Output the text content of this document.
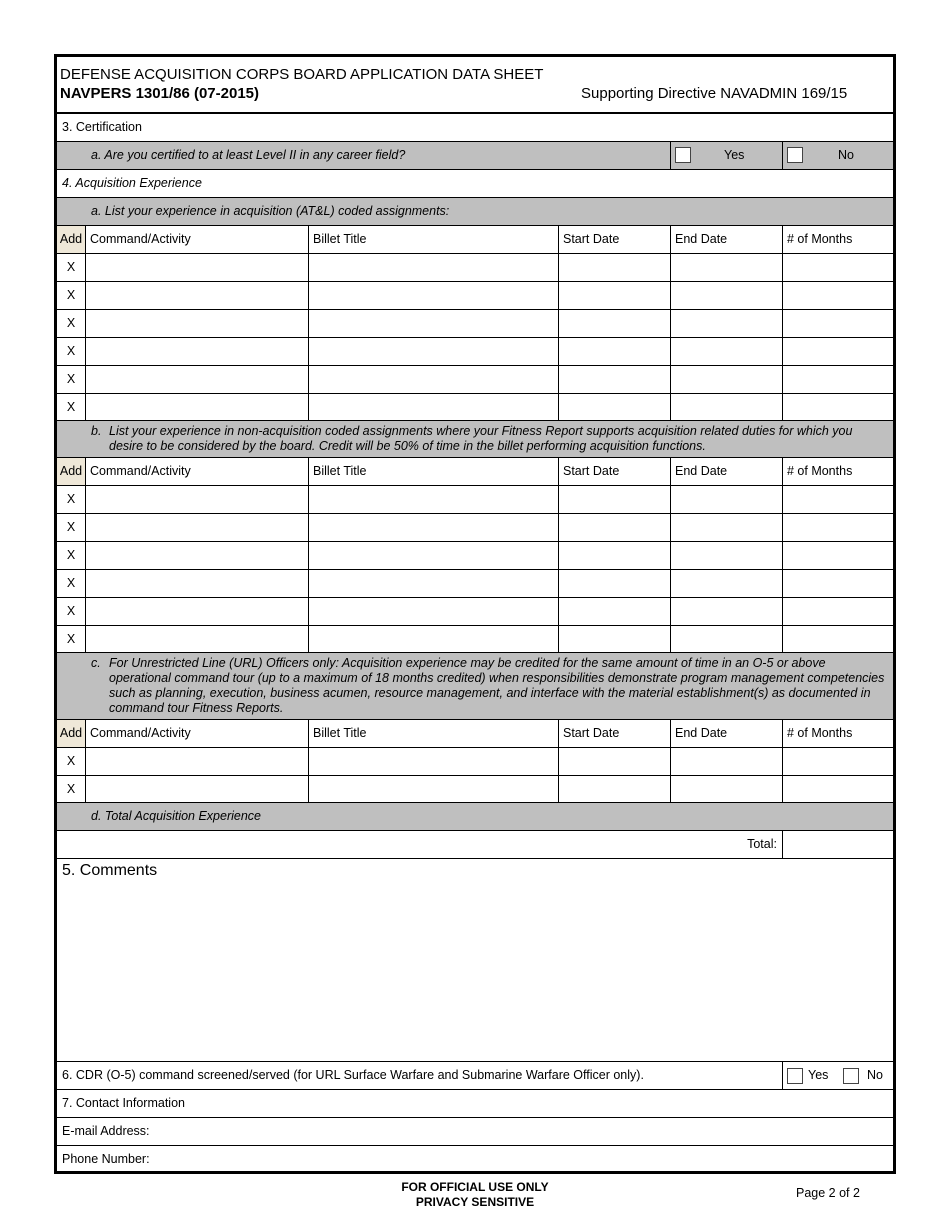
DEFENSE ACQUISITION CORPS BOARD APPLICATION DATA SHEET
NAVPERS 1301/86 (07-2015)	Supporting Directive NAVADMIN 169/15
3. Certification
a. Are you certified to at least Level II in any career field?	Yes	No
4. Acquisition Experience
a. List your experience in acquisition (AT&L) coded assignments:
Add Command/Activity	Billet Title	Start Date	End Date	# of Months
X
X
X
X
X
X
b. List your experience in non-acquisition coded assignments where your Fitness Report supports acquisition related duties for which you desire to be considered by the board. Credit will be 50% of time in the billet performing acquisition functions.
Add Command/Activity	Billet Title	Start Date	End Date	# of Months
X
X
X
X
X
X
c. For Unrestricted Line (URL) Officers only: Acquisition experience may be credited for the same amount of time in an O-5 or above operational command tour (up to a maximum of 18 months credited) when responsibilities demonstrate program management competencies such as planning, execution, business acumen, resource management, and interface with the material establishment(s) as documented in command tour Fitness Reports.
Add Command/Activity	Billet Title	Start Date	End Date	# of Months
X
X
d. Total Acquisition Experience
Total:
5. Comments
6. CDR (O-5) command screened/served (for URL Surface Warfare and Submarine Warfare Officer only).	Yes	No
7. Contact Information
E-mail Address:
Phone Number:
FOR OFFICIAL USE ONLY
PRIVACY SENSITIVE
Page 2 of 2
